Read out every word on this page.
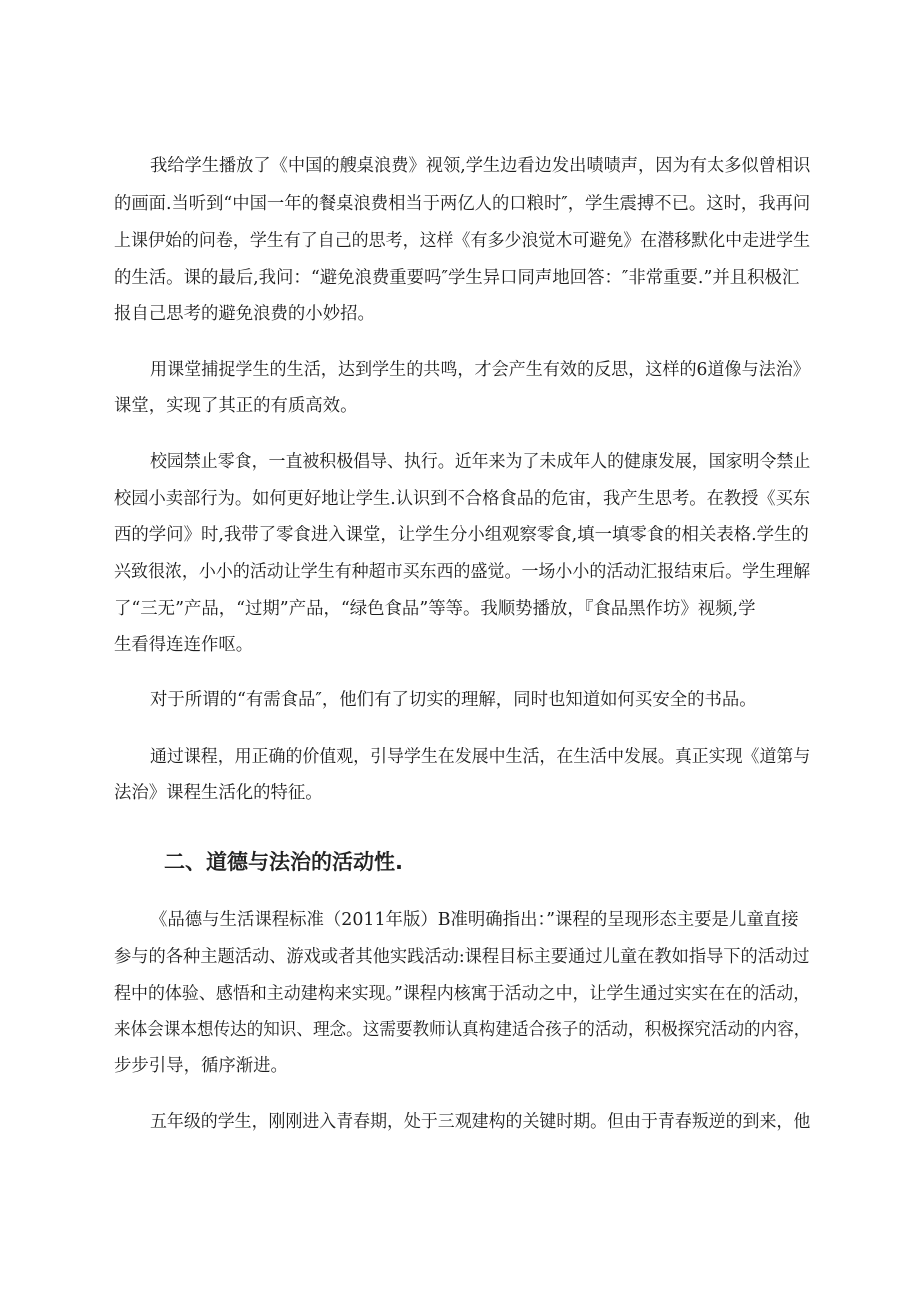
我给学生播放了《中国的艘桌浪费》视领,学生边看边发出啧啧声，因为有太多似曾相识

的画面.当听到“中国一年的餐桌浪费相当于两亿人的口粮时″，学生震搏不已。这时，我再问

上课伊始的问卷，学生有了自己的思考，这样《有多少浪觉木可避免》在潜移默化中走进学生

的生活。课的最后,我问：“避免浪费重要吗″学生异口同声地回答：″非常重要.”并且积极汇

报自己思考的避免浪费的小妙招。

用课堂捕捉学生的生活，达到学生的共鸣，才会产生有效的反思，这样的6道像与法治》

课堂，实现了其正的有质高效。

校园禁止零食，一直被积极倡导、执行。近年来为了未成年人的健康发展，国家明令禁止

校园小卖部行为。如何更好地让学生.认识到不合格食品的危宙，我产生思考。在教授《买东

西的学问》时,我带了零食进入课堂，让学生分小组观察零食,填一填零食的相关表格.学生的

兴致很浓，小小的活动让学生有种超市买东西的盛觉。一场小小的活动汇报结束后。学生理解

了“三无”产品，“过期”产品，“绿色食品”等等。我顺势播放，『食品黑作坊》视频,学

生看得连连作呕。

对于所谓的“有需食品″，他们有了切实的理解，同时也知道如何买安全的书品。

通过课程，用正确的价值观，引导学生在发展中生活，在生活中发展。真正实现《道第与

法治》课程生活化的特征。

二、道德与法治的活动性.

《品德与生活课程标准（2011年版）B准明确指出：”课程的呈现形态主要是儿童直接

参与的各种主题活动、游戏或者其他实践活动:课程目标主要通过儿童在教如指导下的活动过

程中的体验、感悟和主动建构来实现。”课程内核寓于活动之中，让学生通过实实在在的活动，

来体会课本想传达的知识、理念。这需要教师认真构建适合孩子的活动，积极探究活动的内容，

步步引导，循序渐进。

五年级的学生，刚刚进入青春期，处于三观建构的关键时期。但由于青春叛逆的到来，他
